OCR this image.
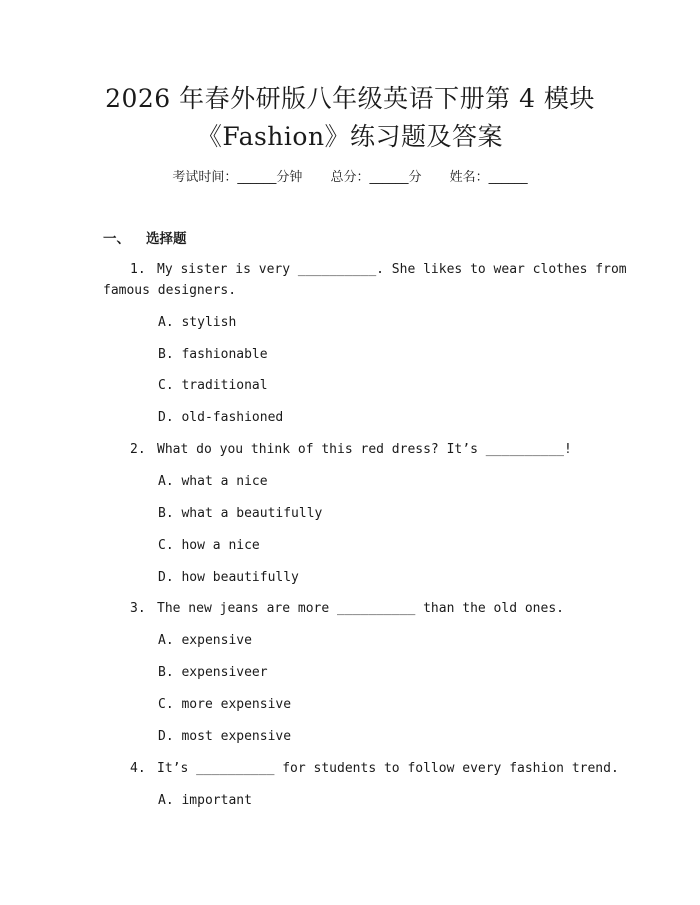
2026 年春外研版八年级英语下册第 4 模块
《Fashion》练习题及答案
考试时间：______分钟 总分：______分 姓名：______
一、 选择题
1. My sister is very __________. She likes to wear clothes from
famous designers.
A. stylish
B. fashionable
C. traditional
D. old-fashioned
2. What do you think of this red dress? It’s __________!
A. what a nice
B. what a beautifully
C. how a nice
D. how beautifully
3. The new jeans are more __________ than the old ones.
A. expensive
B. expensiveer
C. more expensive
D. most expensive
4. It’s __________ for students to follow every fashion trend.
A. important
